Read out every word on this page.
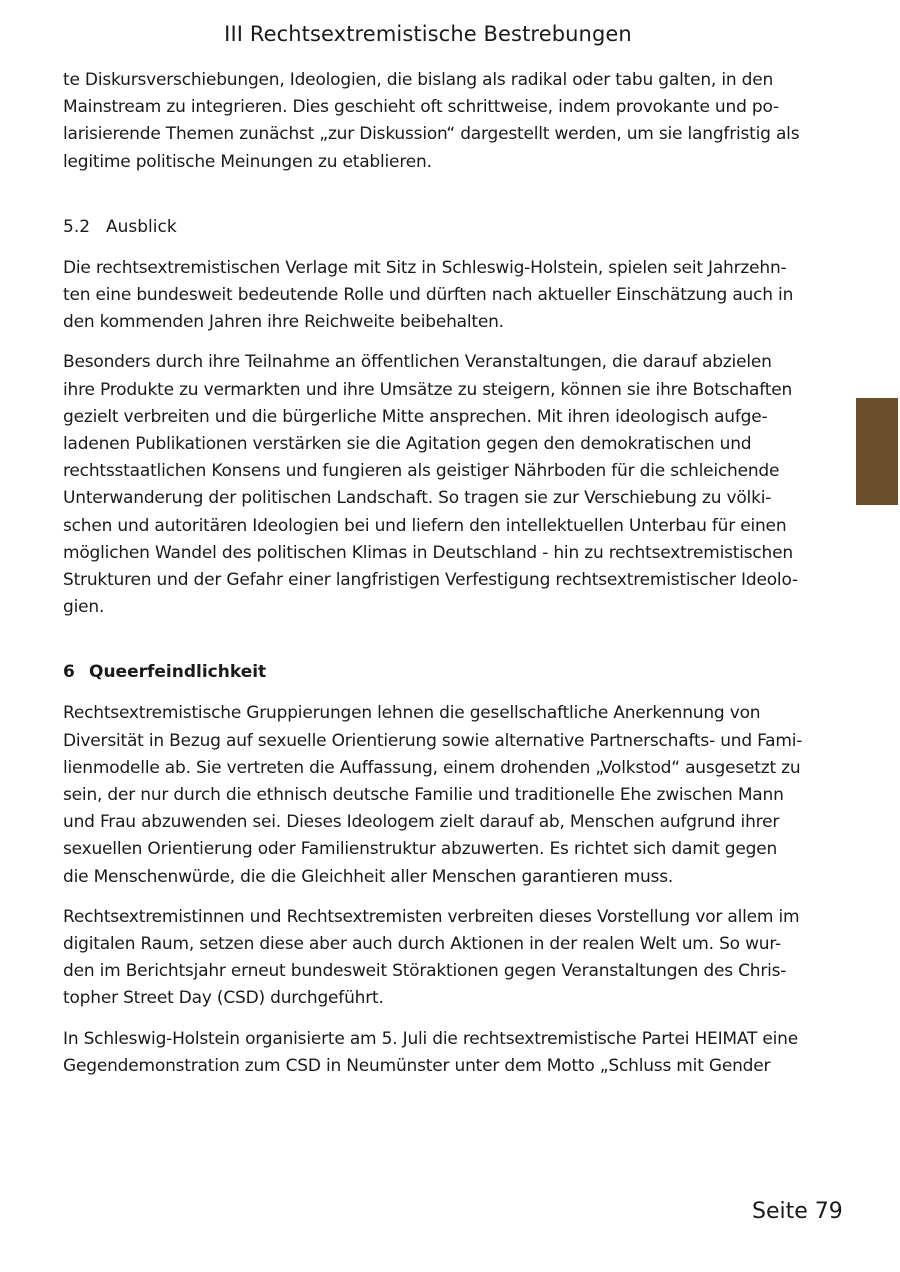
III Rechtsextremistische Bestrebungen
te Diskursverschiebungen, Ideologien, die bislang als radikal oder tabu galten, in den
Mainstream zu integrieren. Dies geschieht oft schrittweise, indem provokante und po-
larisierende Themen zunächst „zur Diskussion“ dargestellt werden, um sie langfristig als
legitime politische Meinungen zu etablieren.
5.2 Ausblick
Die rechtsextremistischen Verlage mit Sitz in Schleswig-Holstein, spielen seit Jahrzehn-
ten eine bundesweit bedeutende Rolle und dürften nach aktueller Einschätzung auch in
den kommenden Jahren ihre Reichweite beibehalten.
Besonders durch ihre Teilnahme an öffentlichen Veranstaltungen, die darauf abzielen
ihre Produkte zu vermarkten und ihre Umsätze zu steigern, können sie ihre Botschaften
gezielt verbreiten und die bürgerliche Mitte ansprechen. Mit ihren ideologisch aufge-
ladenen Publikationen verstärken sie die Agitation gegen den demokratischen und
rechtsstaatlichen Konsens und fungieren als geistiger Nährboden für die schleichende
Unterwanderung der politischen Landschaft. So tragen sie zur Verschiebung zu völki-
schen und autoritären Ideologien bei und liefern den intellektuellen Unterbau für einen
möglichen Wandel des politischen Klimas in Deutschland - hin zu rechtsextremistischen
Strukturen und der Gefahr einer langfristigen Verfestigung rechtsextremistischer Ideolo-
gien.
6 Queerfeindlichkeit
Rechtsextremistische Gruppierungen lehnen die gesellschaftliche Anerkennung von
Diversität in Bezug auf sexuelle Orientierung sowie alternative Partnerschafts- und Fami-
lienmodelle ab. Sie vertreten die Auffassung, einem drohenden „Volkstod“ ausgesetzt zu
sein, der nur durch die ethnisch deutsche Familie und traditionelle Ehe zwischen Mann
und Frau abzuwenden sei. Dieses Ideologem zielt darauf ab, Menschen aufgrund ihrer
sexuellen Orientierung oder Familienstruktur abzuwerten. Es richtet sich damit gegen
die Menschenwürde, die die Gleichheit aller Menschen garantieren muss.
Rechtsextremistinnen und Rechtsextremisten verbreiten dieses Vorstellung vor allem im
digitalen Raum, setzen diese aber auch durch Aktionen in der realen Welt um. So wur-
den im Berichtsjahr erneut bundesweit Störaktionen gegen Veranstaltungen des Chris-
topher Street Day (CSD) durchgeführt.
In Schleswig-Holstein organisierte am 5. Juli die rechtsextremistische Partei HEIMAT eine
Gegendemonstration zum CSD in Neumünster unter dem Motto „Schluss mit Gender
Seite 79
